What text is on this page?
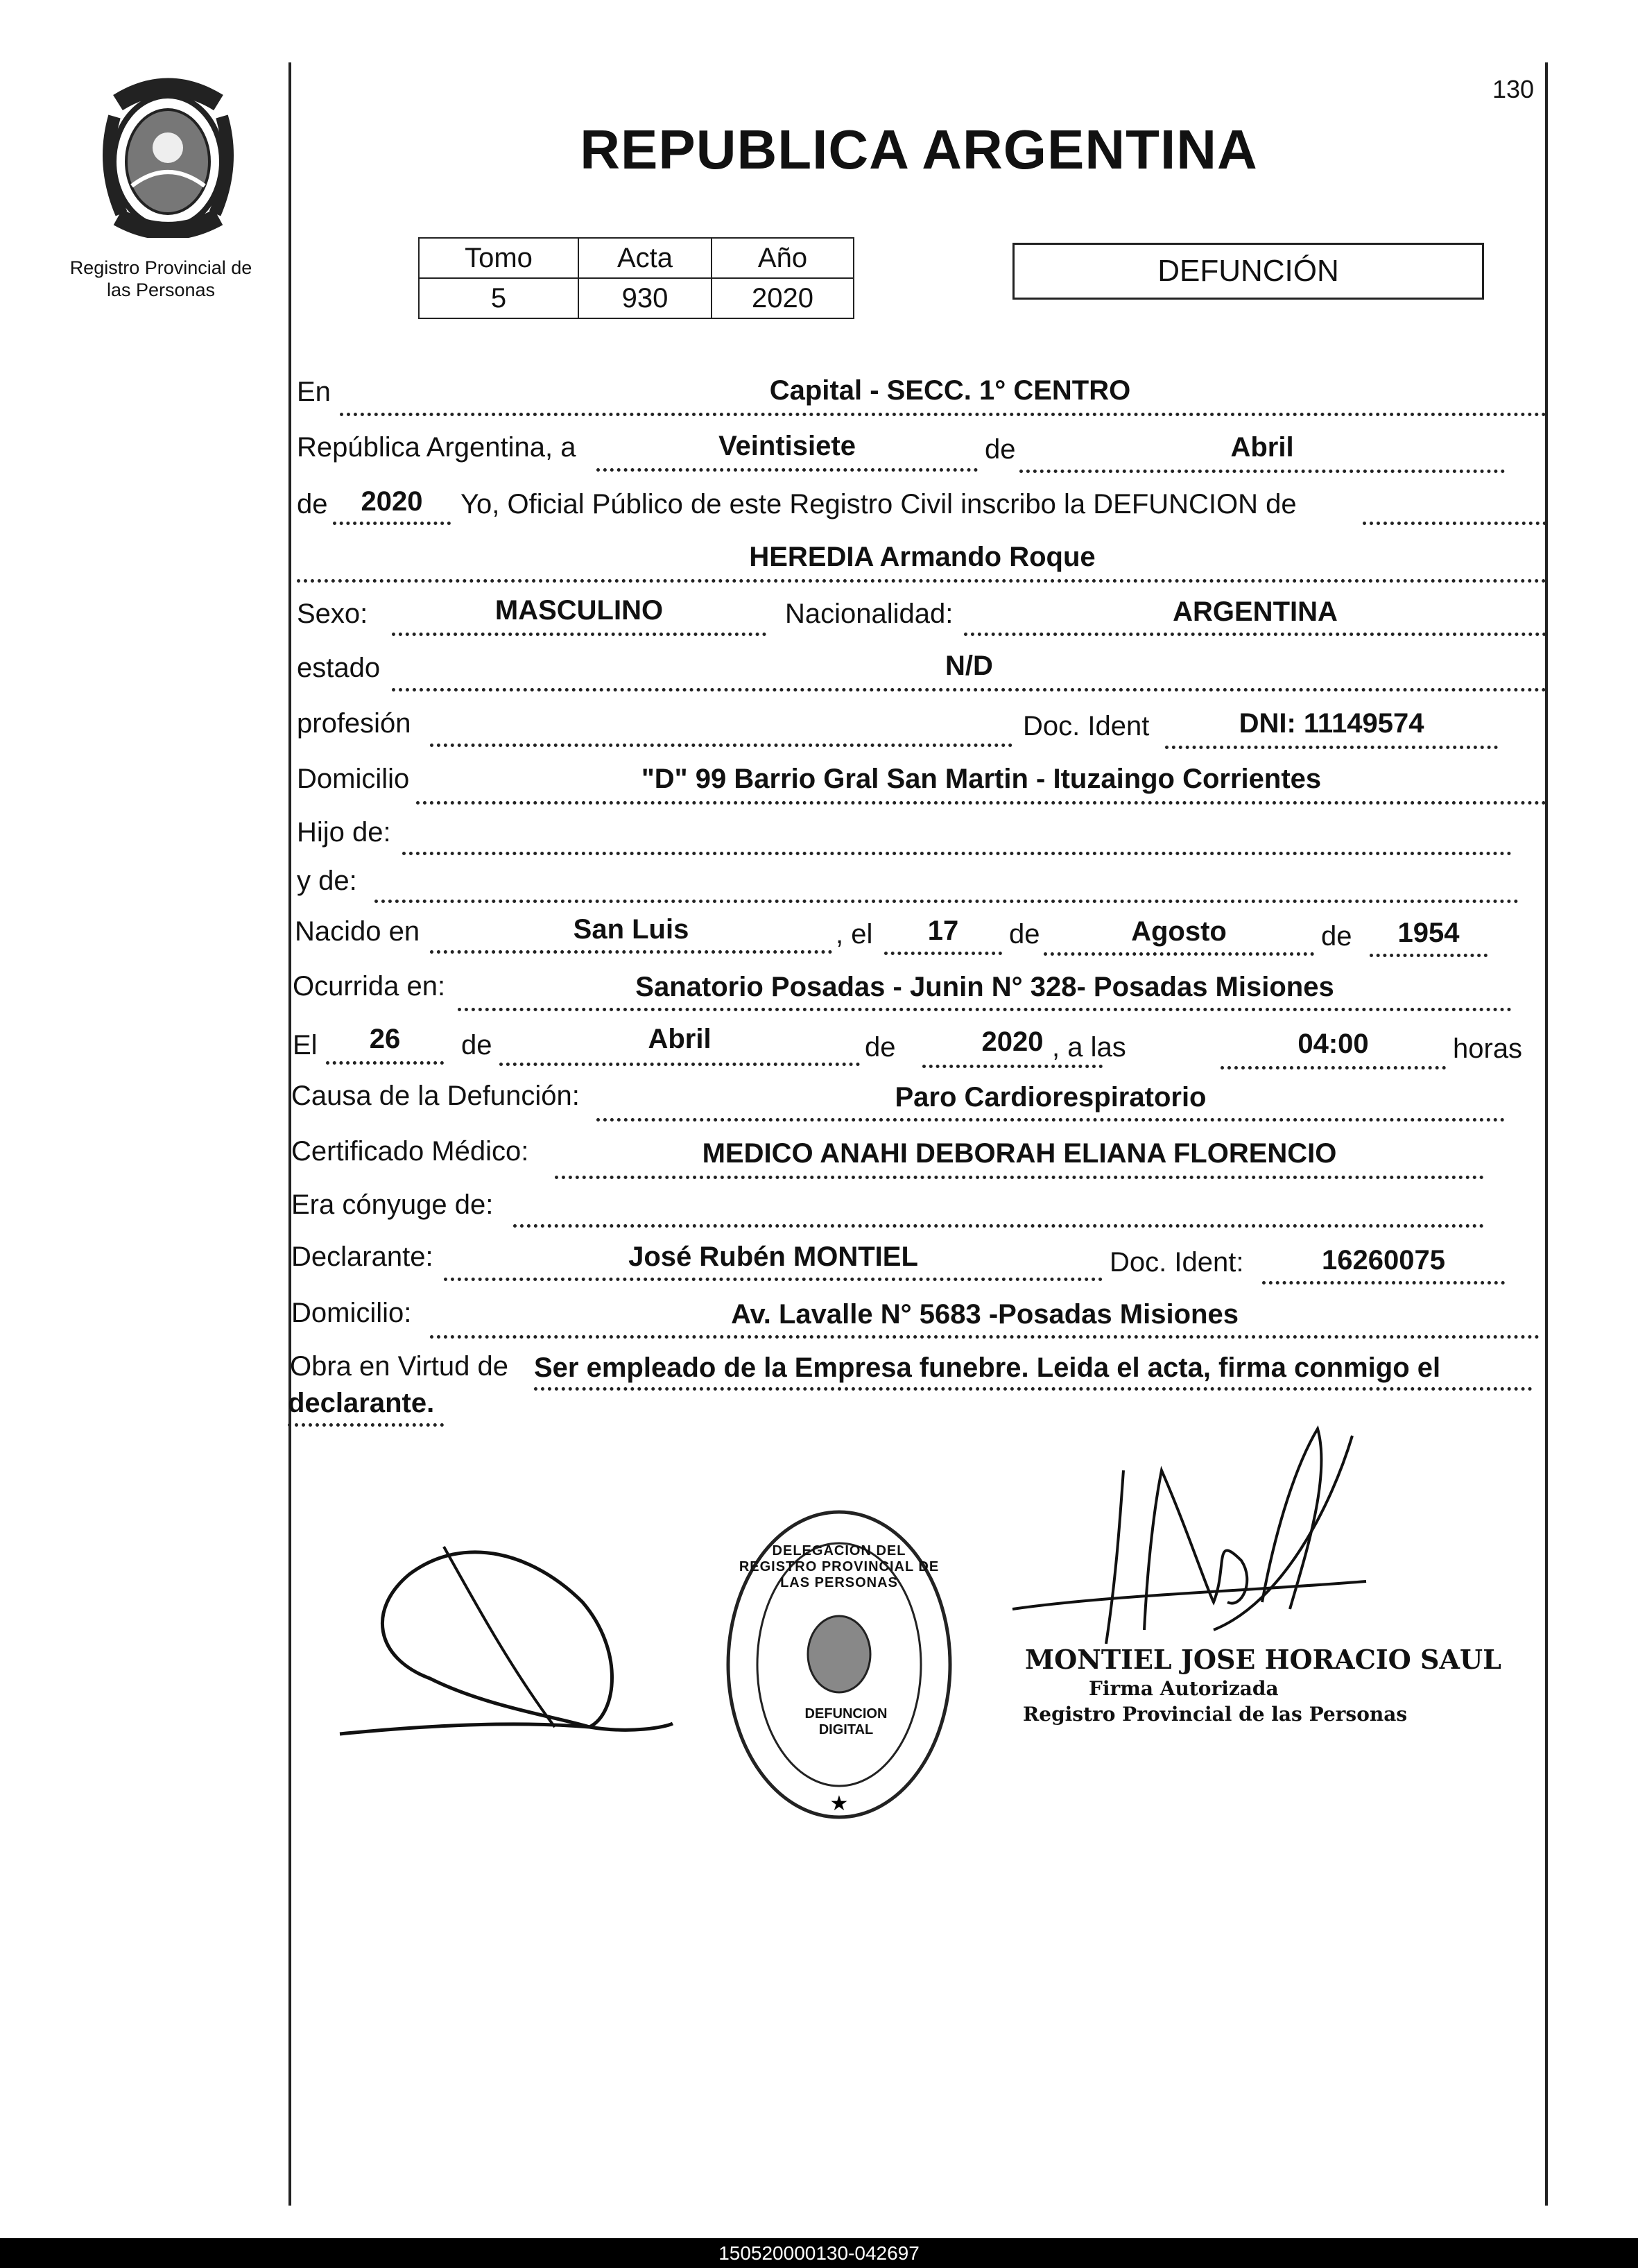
Registro Provincial de
las Personas
130
REPUBLICA ARGENTINA
Tomo	Acta	Año
5	930	2020
DEFUNCIÓN
En	Capital - SECC. 1° CENTRO
República Argentina, a	Veintisiete	de	Abril
de	2020	Yo, Oficial Público de este Registro Civil inscribo la DEFUNCION de
HEREDIA Armando Roque
Sexo:	MASCULINO	Nacionalidad:	ARGENTINA
estado	N/D
profesión	Doc. Ident	DNI: 11149574
Domicilio	"D" 99 Barrio Gral San Martin - Ituzaingo Corrientes
Hijo de:
y de:
Nacido en	San Luis	, el	17	de	Agosto	de	1954
Ocurrida en:	Sanatorio Posadas - Junin N° 328- Posadas Misiones
El	26	de	Abril	de	2020 , a las	04:00	horas
Causa de la Defunción:	Paro Cardiorespiratorio
Certificado Médico:	MEDICO ANAHI DEBORAH ELIANA FLORENCIO
Era cónyuge de:
Declarante:	José Rubén MONTIEL	Doc. Ident:	16260075
Domicilio:	Av. Lavalle N° 5683 -Posadas Misiones
Obra en Virtud de Ser empleado de la Empresa funebre. Leida el acta, firma conmigo el
declarante.
★
DELEGACION DEL REGISTRO PROVINCIAL DE LAS PERSONAS
DEFUNCION DIGITAL
MONTIEL JOSE HORACIO SAUL
Firma Autorizada
Registro Provincial de las Personas
150520000130-042697
